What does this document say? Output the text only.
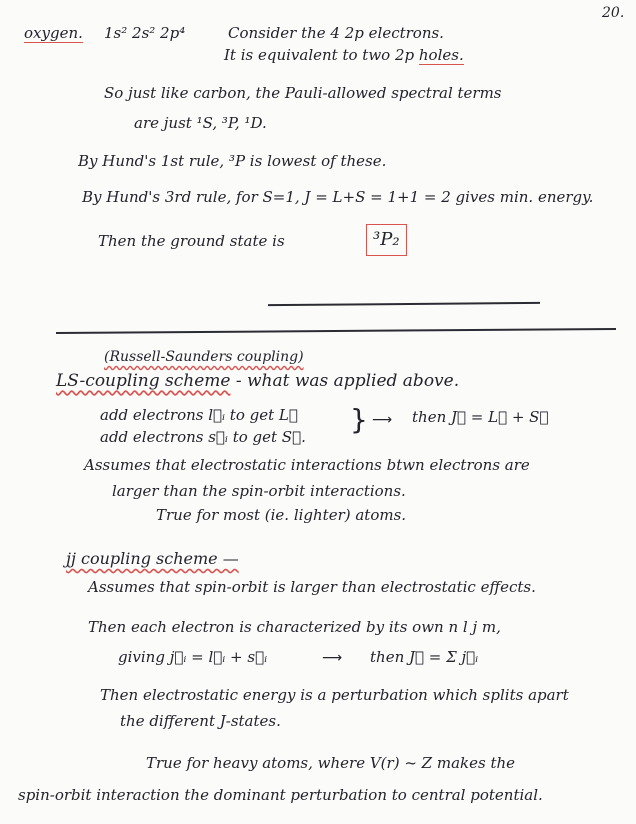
20.
oxygen. 1s² 2s² 2p⁴	Consider the 4 2p electrons.
It is equivalent to two 2p holes.
So just like carbon, the Pauli-allowed spectral terms
are just ¹S, ³P, ¹D.
By Hund's 1st rule, ³P is lowest of these.
By Hund's 3rd rule, for S=1, J = L+S = 1+1 = 2 gives min. energy.
Then the ground state is	³P₂
(Russell-Saunders coupling)
LS-coupling scheme - what was applied above.
add electrons l⃗ᵢ to get L⃗
add electrons s⃗ᵢ to get S⃗.
} ⟶ then J⃗ = L⃗ + S⃗
Assumes that electrostatic interactions btwn electrons are
larger than the spin-orbit interactions.
True for most (ie. lighter) atoms.
jj coupling scheme —
Assumes that spin-orbit is larger than electrostatic effects.
Then each electron is characterized by its own n l j m,
giving j⃗ᵢ = l⃗ᵢ + s⃗ᵢ	⟶ then J⃗ = Σ j⃗ᵢ
Then electrostatic energy is a perturbation which splits apart
the different J-states.
True for heavy atoms, where V(r) ~ Z makes the
spin-orbit interaction the dominant perturbation to central potential.
